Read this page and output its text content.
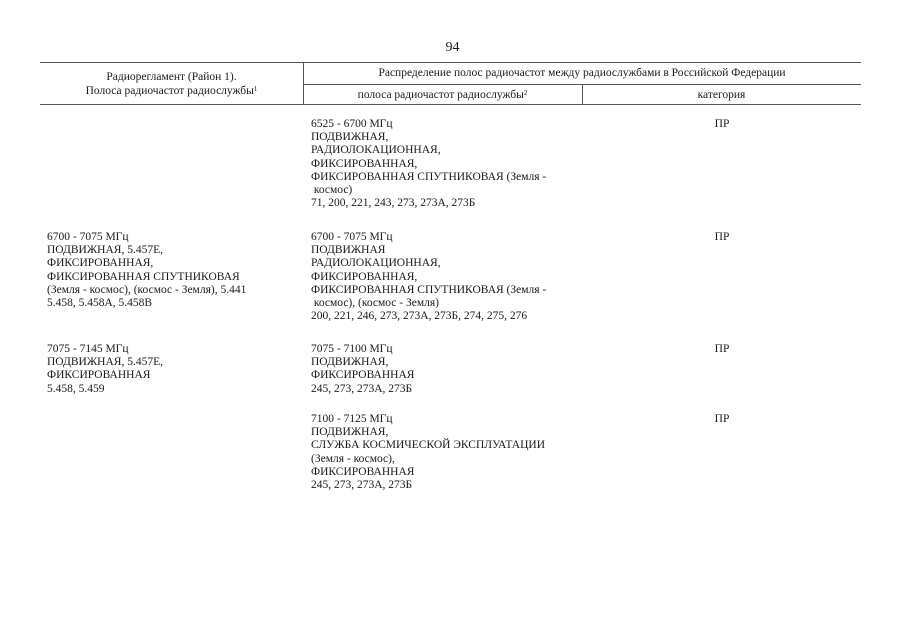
94
Радиорегламент (Район 1).
Полоса радиочастот радиослужбы$^1$
Распределение полос радиочастот между радиослужбами в Российской Федерации
полоса радиочастот радиослужбы$^2$	категория
6525 - 6700 МГц
ПОДВИЖНАЯ,
РАДИОЛОКАЦИОННАЯ,
ФИКСИРОВАННАЯ,
ФИКСИРОВАННАЯ СПУТНИКОВАЯ (Земля -
космос)
71, 200, 221, 243, 273, 273А, 273Б
ПР
6700 - 7075 МГц
ПОДВИЖНАЯ, 5.457Е,
ФИКСИРОВАННАЯ,
ФИКСИРОВАННАЯ СПУТНИКОВАЯ
(Земля - космос), (космос - Земля), 5.441
5.458, 5.458А, 5.458В
6700 - 7075 МГц
ПОДВИЖНАЯ
РАДИОЛОКАЦИОННАЯ,
ФИКСИРОВАННАЯ,
ФИКСИРОВАННАЯ СПУТНИКОВАЯ (Земля -
космос), (космос - Земля)
200, 221, 246, 273, 273А, 273Б, 274, 275, 276
ПР
7075 - 7145 МГц
ПОДВИЖНАЯ, 5.457Е,
ФИКСИРОВАННАЯ
5.458, 5.459
7075 - 7100 МГц
ПОДВИЖНАЯ,
ФИКСИРОВАННАЯ
245, 273, 273А, 273Б
ПР
7100 - 7125 МГц
ПОДВИЖНАЯ,
СЛУЖБА КОСМИЧЕСКОЙ ЭКСПЛУАТАЦИИ
(Земля - космос),
ФИКСИРОВАННАЯ
245, 273, 273А, 273Б
ПР
